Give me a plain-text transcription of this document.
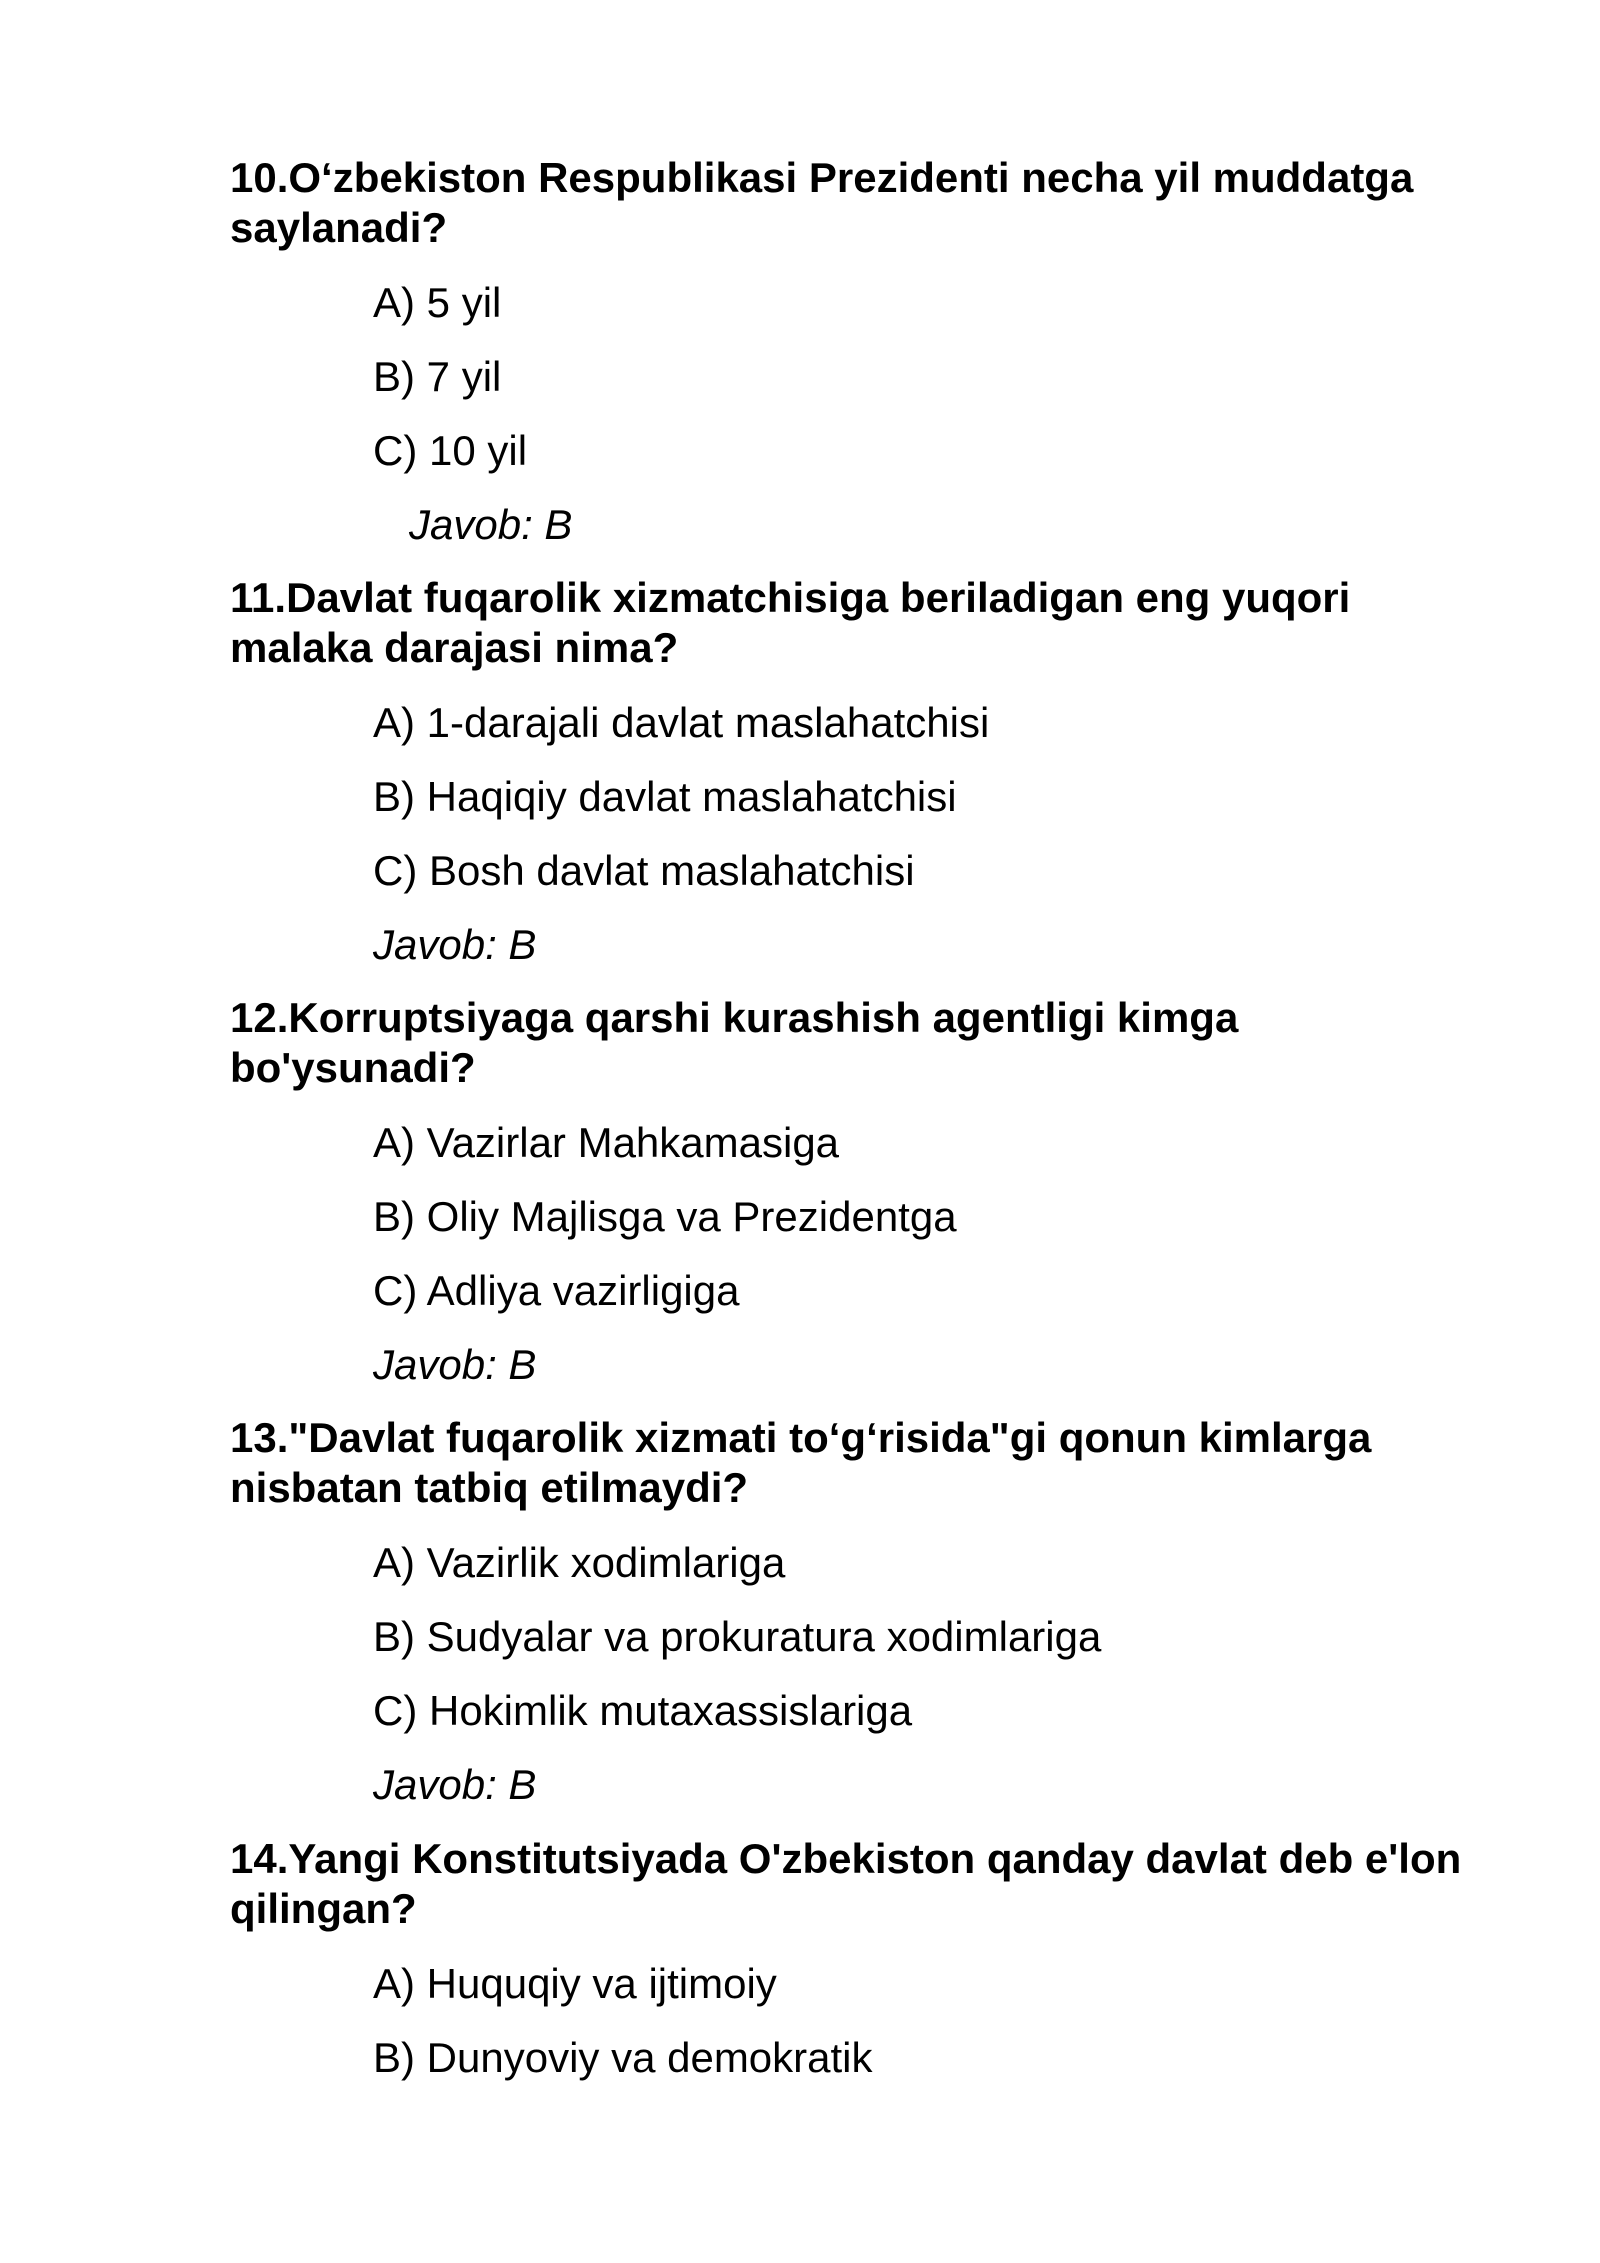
10.O‘zbekiston Respublikasi Prezidenti necha yil muddatga saylanadi?
A) 5 yil
B) 7 yil
C) 10 yil
Javob: B
11.Davlat fuqarolik xizmatchisiga beriladigan eng yuqori malaka darajasi nima?
A) 1-darajali davlat maslahatchisi
B) Haqiqiy davlat maslahatchisi
C) Bosh davlat maslahatchisi
Javob: B
12.Korruptsiyaga qarshi kurashish agentligi kimga bo'ysunadi?
A) Vazirlar Mahkamasiga
B) Oliy Majlisga va Prezidentga
C) Adliya vazirligiga
Javob: B
13."Davlat fuqarolik xizmati to‘g‘risida"gi qonun kimlarga nisbatan tatbiq etilmaydi?
A) Vazirlik xodimlariga
B) Sudyalar va prokuratura xodimlariga
C) Hokimlik mutaxassislariga
Javob: B
14.Yangi Konstitutsiyada O'zbekiston qanday davlat deb e'lon qilingan?
A) Huquqiy va ijtimoiy
B) Dunyoviy va demokratik
